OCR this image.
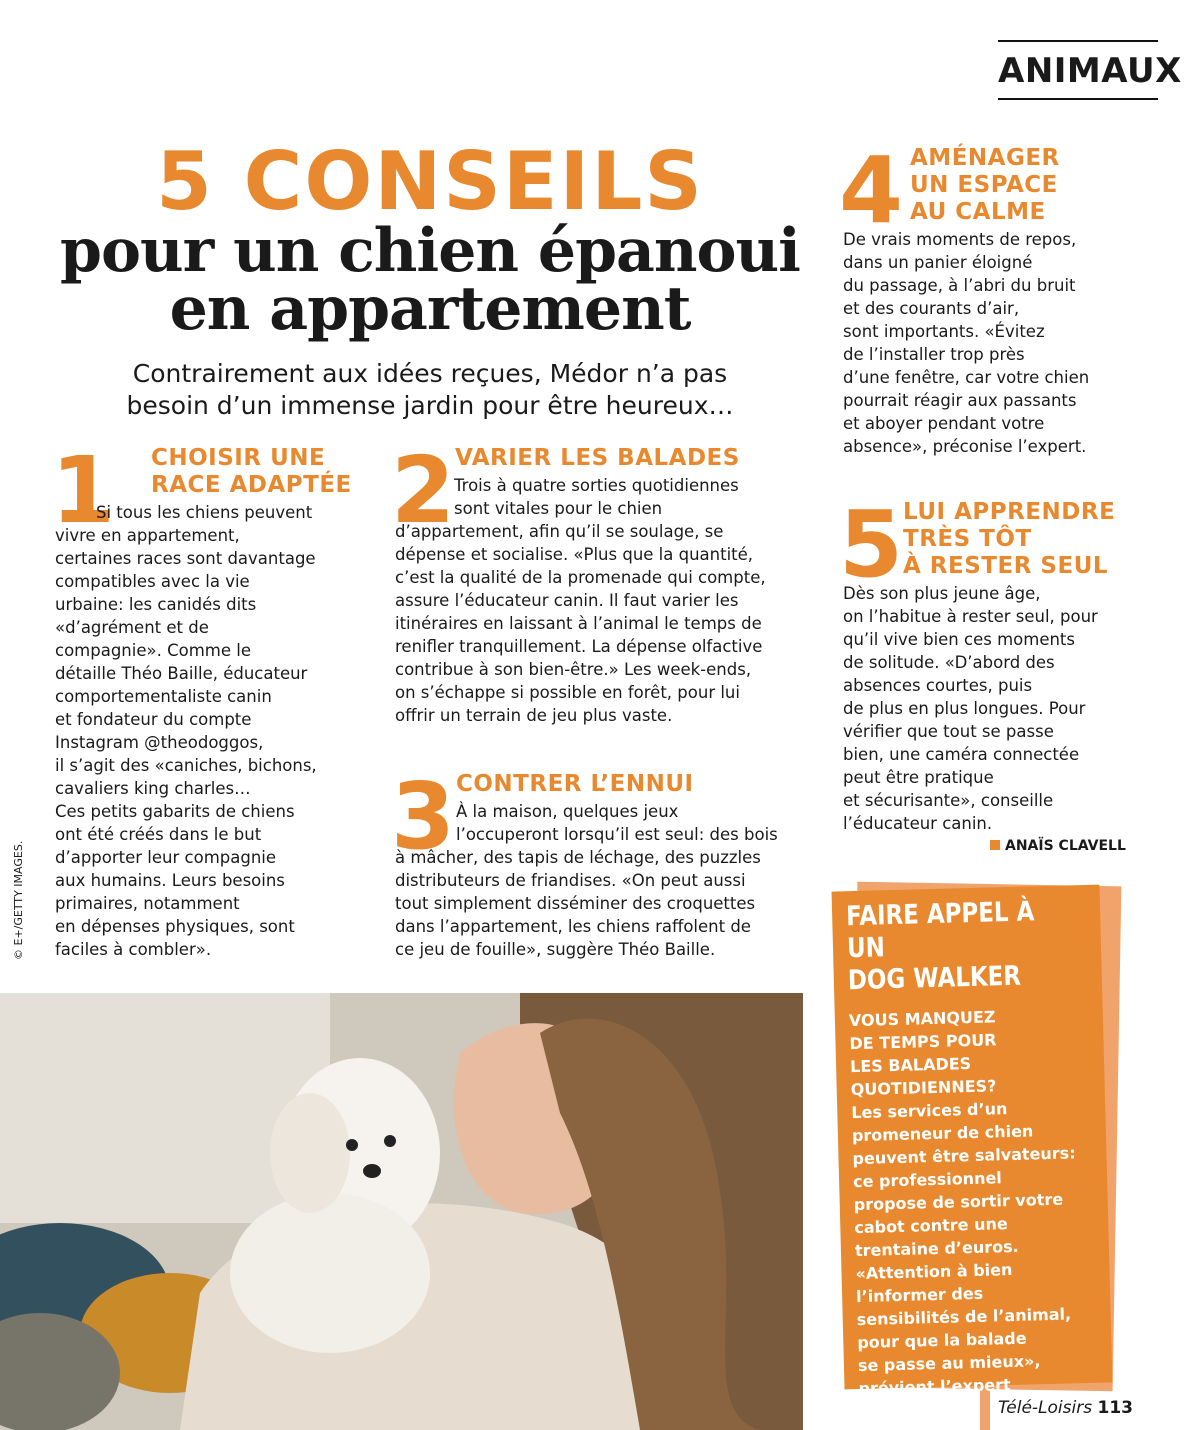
ANIMAUX
5 CONSEILS
pour un chien épanoui
en appartement
Contrairement aux idées reçues, Médor n’a pas
besoin d’un immense jardin pour être heureux…
© E+/GETTY IMAGES.
1 CHOISIR UNE
RACE ADAPTÉE
Si tous les chiens peuvent
vivre en appartement,
certaines races sont davantage
compatibles avec la vie
urbaine: les canidés dits
«d’agrément et de
compagnie». Comme le
détaille Théo Baille, éducateur
comportementaliste canin
et fondateur du compte
Instagram @theodoggos,
il s’agit des «caniches, bichons,
cavaliers king charles…
Ces petits gabarits de chiens
ont été créés dans le but
d’apporter leur compagnie
aux humains. Leurs besoins
primaires, notamment
en dépenses physiques, sont
faciles à combler».
2 VARIER LES BALADES
Trois à quatre sorties quotidiennes
sont vitales pour le chien
d’appartement, afin qu’il se soulage, se
dépense et socialise. «Plus que la quantité,
c’est la qualité de la promenade qui compte,
assure l’éducateur canin. Il faut varier les
itinéraires en laissant à l’animal le temps de
renifler tranquillement. La dépense olfactive
contribue à son bien-être.» Les week-ends,
on s’échappe si possible en forêt, pour lui
offrir un terrain de jeu plus vaste.
3 CONTRER L’ENNUI
À la maison, quelques jeux
l’occuperont lorsqu’il est seul: des bois
à mâcher, des tapis de léchage, des puzzles
distributeurs de friandises. «On peut aussi
tout simplement disséminer des croquettes
dans l’appartement, les chiens raffolent de
ce jeu de fouille», suggère Théo Baille.
4 AMÉNAGER
UN ESPACE
AU CALME
De vrais moments de repos,
dans un panier éloigné
du passage, à l’abri du bruit
et des courants d’air,
sont importants. «Évitez
de l’installer trop près
d’une fenêtre, car votre chien
pourrait réagir aux passants
et aboyer pendant votre
absence», préconise l’expert.
5 LUI APPRENDRE
TRÈS TÔT
À RESTER SEUL
Dès son plus jeune âge,
on l’habitue à rester seul, pour
qu’il vive bien ces moments
de solitude. «D’abord des
absences courtes, puis
de plus en plus longues. Pour
vérifier que tout se passe
bien, une caméra connectée
peut être pratique
et sécurisante», conseille
l’éducateur canin.
ANAÏS CLAVELL
FAIRE APPEL À UN
DOG WALKER
VOUS MANQUEZ
DE TEMPS POUR
LES BALADES
QUOTIDIENNES?
Les services d’un
promeneur de chien
peuvent être salvateurs:
ce professionnel
propose de sortir votre
cabot contre une
trentaine d’euros.
«Attention à bien
l’informer des
sensibilités de l’animal,
pour que la balade
se passe au mieux»,
prévient l’expert
Théo Baille.	Télé-Loisirs 113
